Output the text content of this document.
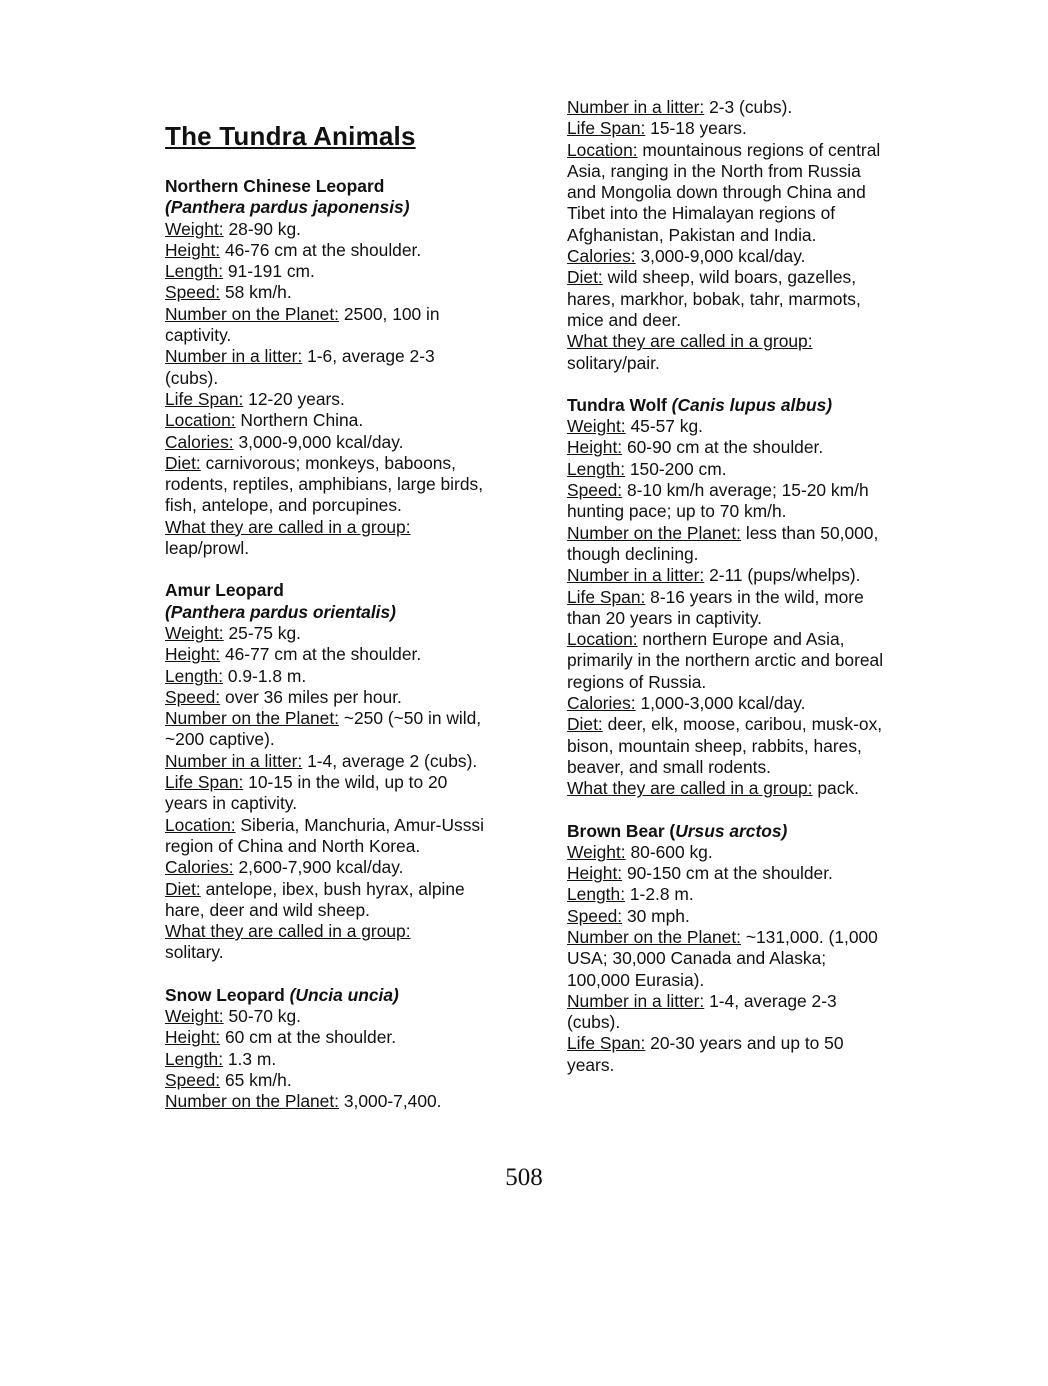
The Tundra Animals

Northern Chinese Leopard

(Panthera pardus japonensis)

Weight: 28-90 kg.

Height: 46-76 cm at the shoulder.

Length: 91-191 cm.

Speed: 58 km/h.

Number on the Planet: 2500, 100 in captivity.

Number in a litter: 1-6, average 2-3 (cubs).

Life Span: 12-20 years.

Location: Northern China.

Calories: 3,000-9,000 kcal/day.

Diet: carnivorous; monkeys, baboons, rodents, reptiles, amphibians, large birds, fish, antelope, and porcupines.

What they are called in a group:
leap/prowl.

Amur Leopard

(Panthera pardus orientalis)

Weight: 25-75 kg.

Height: 46-77 cm at the shoulder.

Length: 0.9-1.8 m.

Speed: over 36 miles per hour.

Number on the Planet: ~250 (~50 in wild, ~200 captive).

Number in a litter: 1-4, average 2 (cubs).

Life Span: 10-15 in the wild, up to 20 years in captivity.

Location: Siberia, Manchuria, Amur-Usssi region of China and North Korea.

Calories: 2,600-7,900 kcal/day.

Diet: antelope, ibex, bush hyrax, alpine hare, deer and wild sheep.

What they are called in a group:
solitary.

Snow Leopard (Uncia uncia)

Weight: 50-70 kg.

Height: 60 cm at the shoulder.

Length: 1.3 m.

Speed: 65 km/h.

Number on the Planet: 3,000-7,400.

Number in a litter: 2-3 (cubs).

Life Span: 15-18 years.

Location: mountainous regions of central Asia, ranging in the North from Russia and Mongolia down through China and Tibet into the Himalayan regions of Afghanistan, Pakistan and India.

Calories: 3,000-9,000 kcal/day.

Diet: wild sheep, wild boars, gazelles, hares, markhor, bobak, tahr, marmots, mice and deer.

What they are called in a group:
solitary/pair.

Tundra Wolf (Canis lupus albus)

Weight: 45-57 kg.

Height: 60-90 cm at the shoulder.

Length: 150-200 cm.

Speed: 8-10 km/h average; 15-20 km/h hunting pace; up to 70 km/h.

Number on the Planet: less than 50,000, though declining.

Number in a litter: 2-11 (pups/whelps).

Life Span: 8-16 years in the wild, more than 20 years in captivity.

Location: northern Europe and Asia, primarily in the northern arctic and boreal regions of Russia.

Calories: 1,000-3,000 kcal/day.

Diet: deer, elk, moose, caribou, musk-ox, bison, mountain sheep, rabbits, hares, beaver, and small rodents.

What they are called in a group: pack.

Brown Bear (Ursus arctos)

Weight: 80-600 kg.

Height: 90-150 cm at the shoulder.

Length: 1-2.8 m.

Speed: 30 mph.

Number on the Planet: ~131,000. (1,000 USA; 30,000 Canada and Alaska; 100,000 Eurasia).

Number in a litter: 1-4, average 2-3 (cubs).

Life Span: 20-30 years and up to 50 years.

508
